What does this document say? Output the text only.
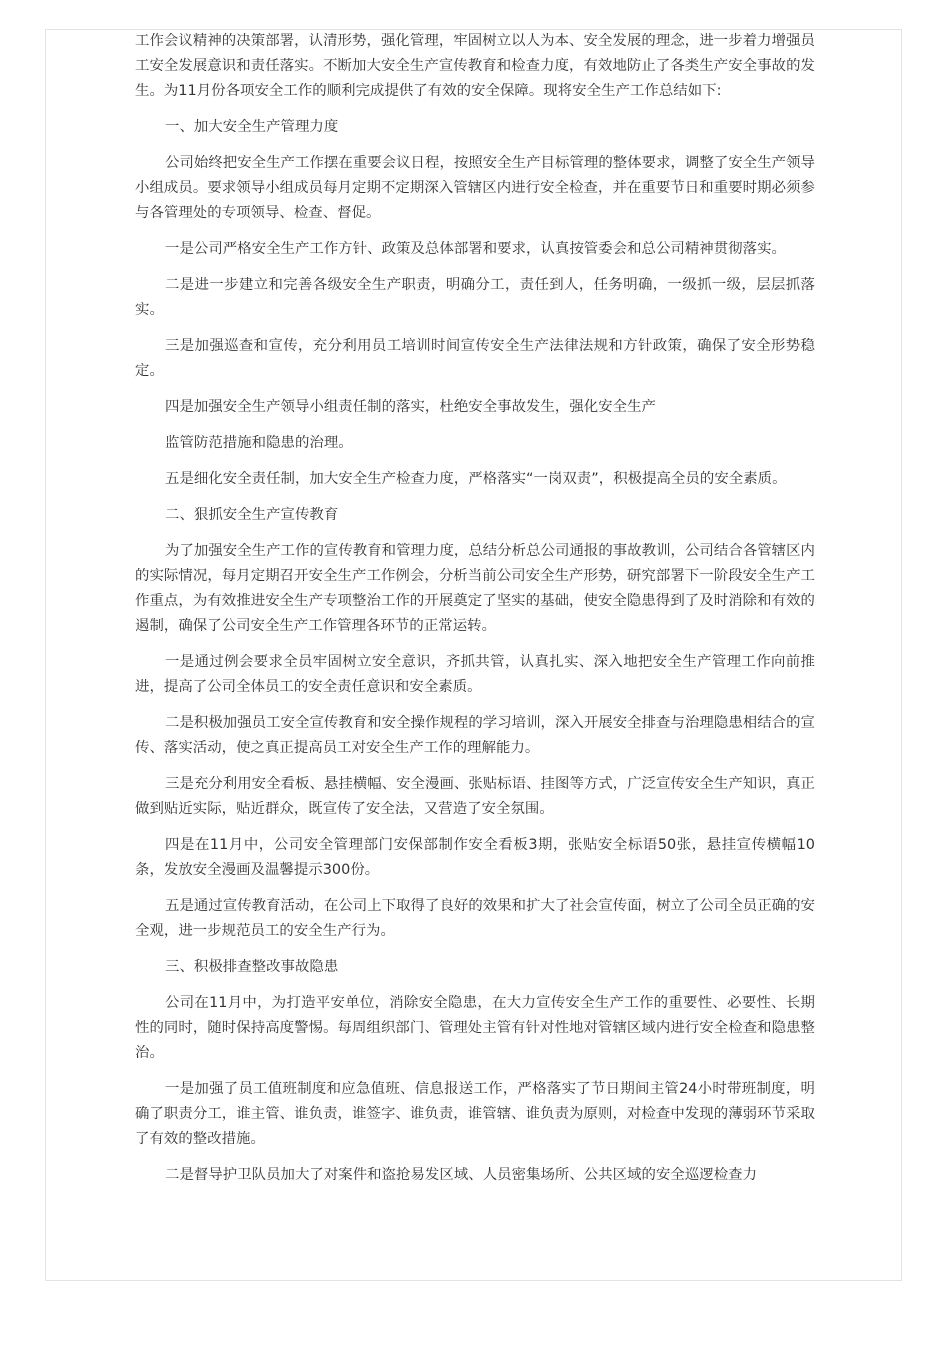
工作会议精神的决策部署，认清形势，强化管理，牢固树立以人为本、安全发展的理念，进一步着力增强员工安全发展意识和责任落实。不断加大安全生产宣传教育和检查力度，有效地防止了各类生产安全事故的发生。为11月份各项安全工作的顺利完成提供了有效的安全保障。现将安全生产工作总结如下:

一、加大安全生产管理力度

公司始终把安全生产工作摆在重要会议日程，按照安全生产目标管理的整体要求，调整了安全生产领导小组成员。要求领导小组成员每月定期不定期深入管辖区内进行安全检查，并在重要节日和重要时期必须参与各管理处的专项领导、检查、督促。

一是公司严格安全生产工作方针、政策及总体部署和要求，认真按管委会和总公司精神贯彻落实。

二是进一步建立和完善各级安全生产职责，明确分工，责任到人，任务明确，一级抓一级，层层抓落实。

三是加强巡查和宣传，充分利用员工培训时间宣传安全生产法律法规和方针政策，确保了安全形势稳定。

四是加强安全生产领导小组责任制的落实，杜绝安全事故发生，强化安全生产

监管防范措施和隐患的治理。

五是细化安全责任制，加大安全生产检查力度，严格落实“一岗双责”，积极提高全员的安全素质。

二、狠抓安全生产宣传教育

为了加强安全生产工作的宣传教育和管理力度，总结分析总公司通报的事故教训，公司结合各管辖区内的实际情况，每月定期召开安全生产工作例会，分析当前公司安全生产形势，研究部署下一阶段安全生产工作重点，为有效推进安全生产专项整治工作的开展奠定了坚实的基础，使安全隐患得到了及时消除和有效的遏制，确保了公司安全生产工作管理各环节的正常运转。

一是通过例会要求全员牢固树立安全意识，齐抓共管，认真扎实、深入地把安全生产管理工作向前推进，提高了公司全体员工的安全责任意识和安全素质。

二是积极加强员工安全宣传教育和安全操作规程的学习培训，深入开展安全排查与治理隐患相结合的宣传、落实活动，使之真正提高员工对安全生产工作的理解能力。

三是充分利用安全看板、悬挂横幅、安全漫画、张贴标语、挂图等方式，广泛宣传安全生产知识，真正做到贴近实际，贴近群众，既宣传了安全法，又营造了安全氛围。

四是在11月中，公司安全管理部门安保部制作安全看板3期，张贴安全标语50张，悬挂宣传横幅10条，发放安全漫画及温馨提示300份。

五是通过宣传教育活动，在公司上下取得了良好的效果和扩大了社会宣传面，树立了公司全员正确的安全观，进一步规范员工的安全生产行为。

三、积极排查整改事故隐患

公司在11月中，为打造平安单位，消除安全隐患，在大力宣传安全生产工作的重要性、必要性、长期性的同时，随时保持高度警惕。每周组织部门、管理处主管有针对性地对管辖区域内进行安全检查和隐患整治。

一是加强了员工值班制度和应急值班、信息报送工作，严格落实了节日期间主管24小时带班制度，明确了职责分工，谁主管、谁负责，谁签字、谁负责，谁管辖、谁负责为原则，对检查中发现的薄弱环节采取了有效的整改措施。

二是督导护卫队员加大了对案件和盗抢易发区域、人员密集场所、公共区域的安全巡逻检查力
